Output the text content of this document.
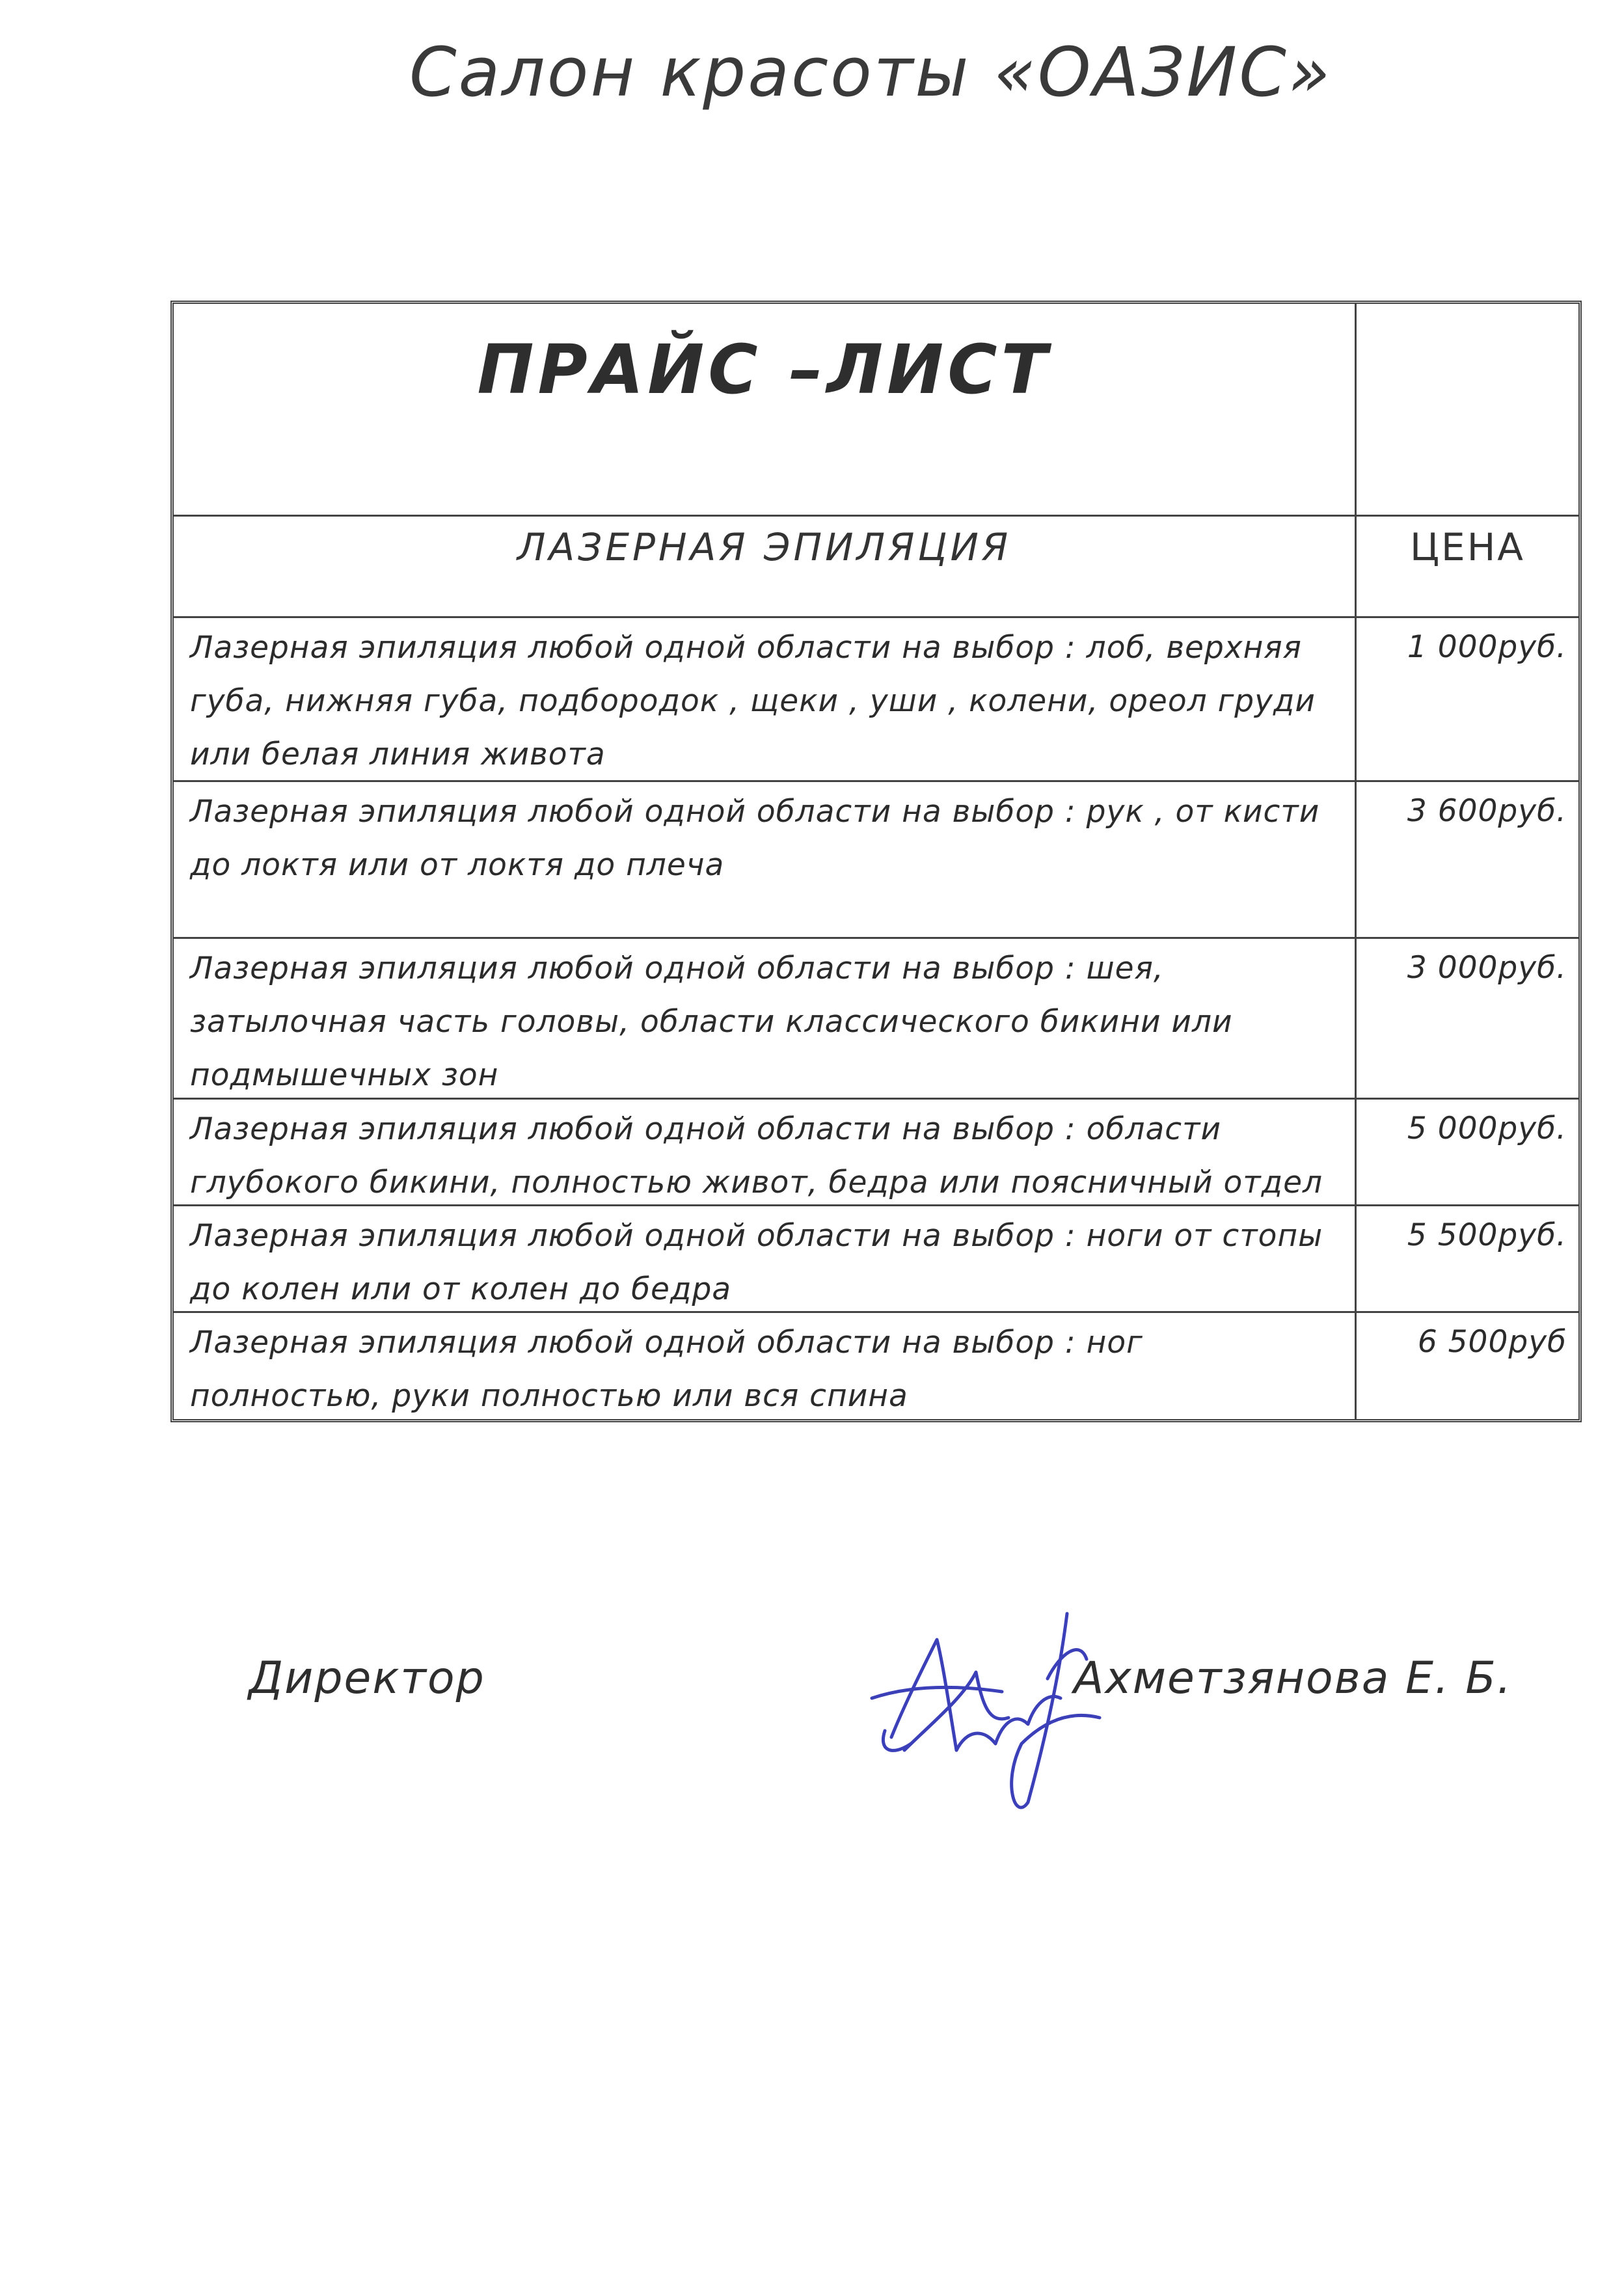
Салон красоты «ОАЗИС»
ПРАЙС –ЛИСТ
ЛАЗЕРНАЯ ЭПИЛЯЦИЯ	ЦЕНА
Лазерная эпиляция любой одной области на выбор : лоб, верхняя губа, нижняя губа, подбородок , щеки , уши , колени, ореол груди или белая линия живота
1 000руб.
Лазерная эпиляция любой одной области на выбор : рук , от кисти до локтя или от локтя до плеча
3 600руб.
Лазерная эпиляция любой одной области на выбор : шея, затылочная часть головы, области классического бикини или подмышечных зон
3 000руб.
Лазерная эпиляция любой одной области на выбор : области глубокого бикини, полностью живот, бедра или поясничный отдел
5 000руб.
Лазерная эпиляция любой одной области на выбор : ноги от стопы до колен или от колен до бедра
5 500руб.
Лазерная эпиляция любой одной области на выбор : ног полностью, руки полностью или вся спина
6 500руб
Директор	Ахметзянова Е. Б.
